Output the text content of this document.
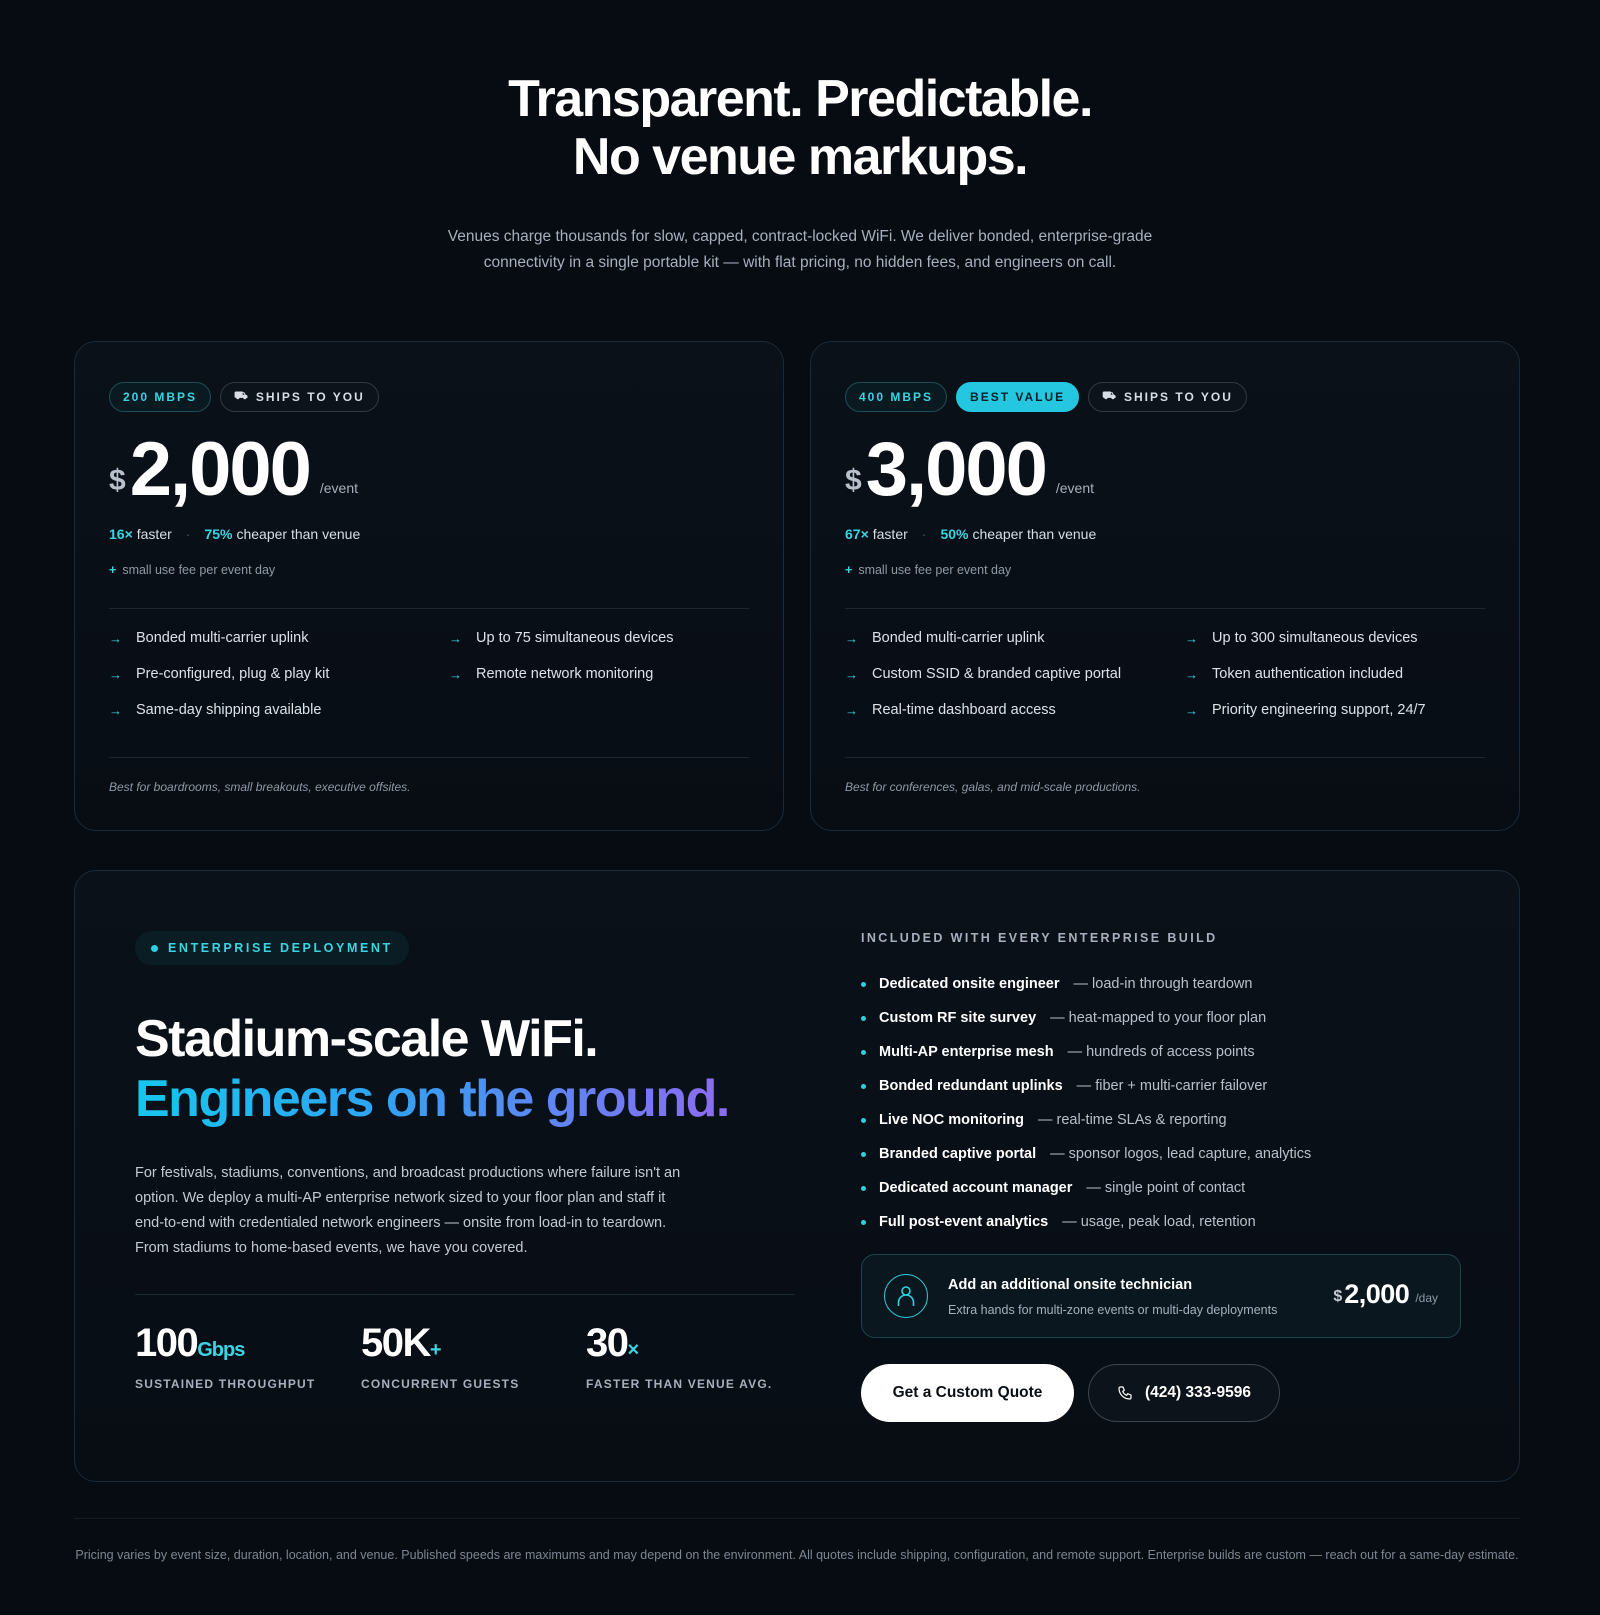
Transparent. Predictable.
No venue markups.

Venues charge thousands for slow, capped, contract-locked WiFi. We deliver bonded, enterprise-grade connectivity in a single portable kit — with flat pricing, no hidden fees, and engineers on call.

200 MBPS	⛟ SHIPS TO YOU
$ 2,000 /event
16× faster · 75% cheaper than venue
+ small use fee per event day
→ Bonded multi-carrier uplink	→ Up to 75 simultaneous devices
→ Pre-configured, plug & play kit	→ Remote network monitoring
→ Same-day shipping available
Best for boardrooms, small breakouts, executive offsites.
400 MBPS	BEST VALUE	⛟ SHIPS TO YOU
$ 3,000 /event
67× faster · 50% cheaper than venue
+ small use fee per event day
→ Bonded multi-carrier uplink	→ Up to 300 simultaneous devices
→ Custom SSID & branded captive portal	→ Token authentication included
→ Real-time dashboard access	→ Priority engineering support, 24/7
Best for conferences, galas, and mid-scale productions.
ENTERPRISE DEPLOYMENT
Stadium-scale WiFi.
Engineers on the ground.

For festivals, stadiums, conventions, and broadcast productions where failure isn't an option. We deploy a multi-AP enterprise network sized to your floor plan and staff it end-to-end with credentialed network engineers — onsite from load-in to teardown. From stadiums to home-based events, we have you covered.

100Gbps
SUSTAINED THROUGHPUT
50K+
CONCURRENT GUESTS
30×
FASTER THAN VENUE AVG.
INCLUDED WITH EVERY ENTERPRISE BUILD
Dedicated onsite engineer — load-in through teardown
Custom RF site survey — heat-mapped to your floor plan
Multi-AP enterprise mesh — hundreds of access points
Bonded redundant uplinks — fiber + multi-carrier failover
Live NOC monitoring — real-time SLAs & reporting
Branded captive portal — sponsor logos, lead capture, analytics
Dedicated account manager — single point of contact
Full post-event analytics — usage, peak load, retention
Add an additional onsite technician
Extra hands for multi-zone events or multi-day deployments
$ 2,000 /day
Get a Custom Quote	(424) 333-9596
Pricing varies by event size, duration, location, and venue. Published speeds are maximums and may depend on the environment. All quotes include shipping, configuration, and remote support. Enterprise builds are custom — reach out for a same-day estimate.
